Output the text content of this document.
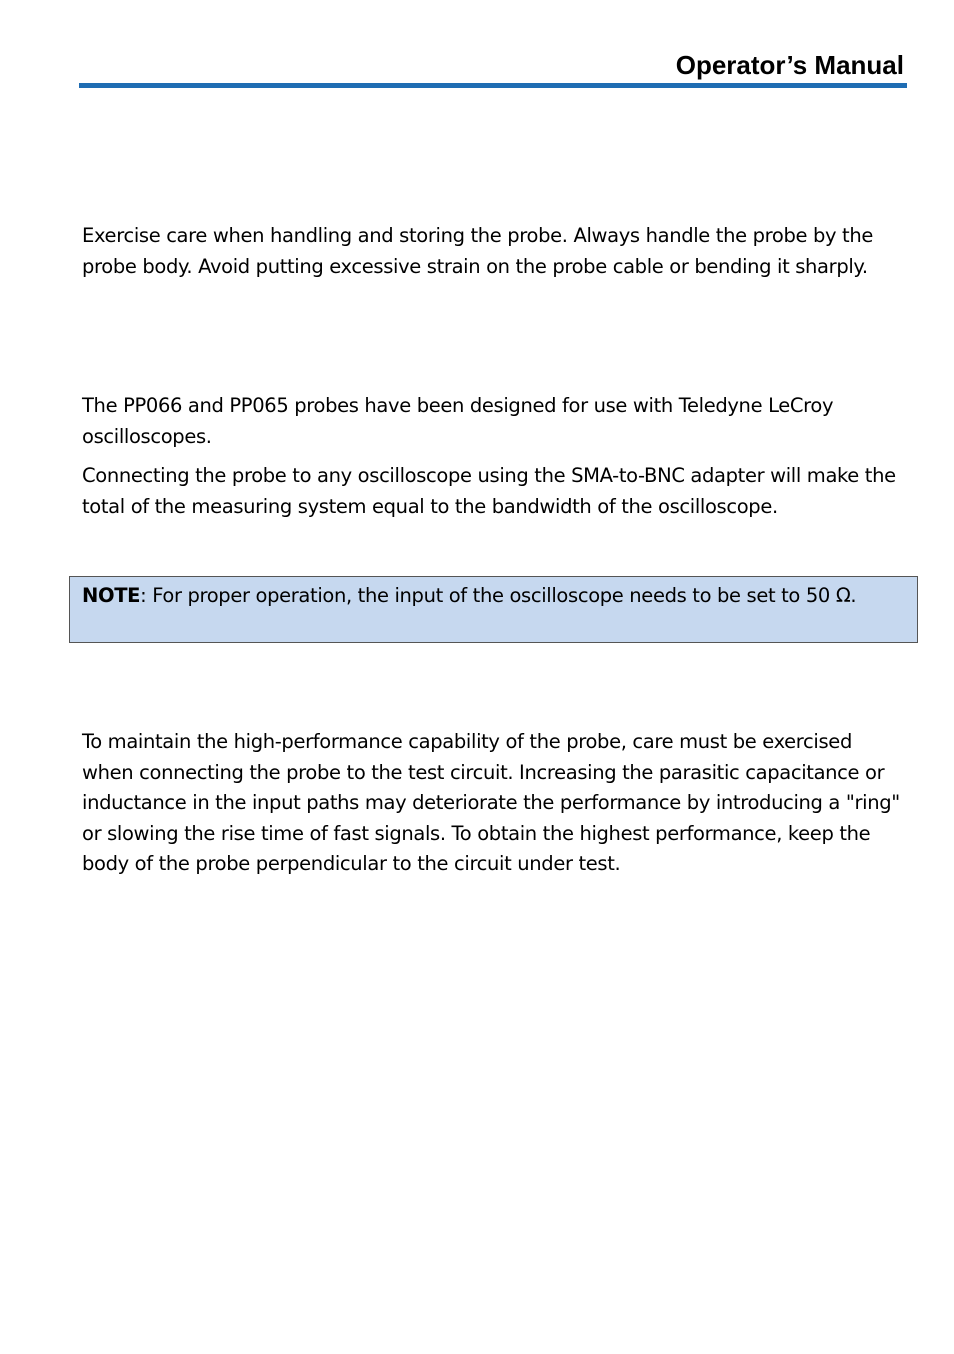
Operator’s Manual

Exercise care when handling and storing the probe. Always handle the probe by the probe body. Avoid putting excessive strain on the probe cable or bending it sharply.

The PP066 and PP065 probes have been designed for use with Teledyne LeCroy oscilloscopes.

Connecting the probe to any oscilloscope using the SMA-to-BNC adapter will make the total of the measuring system equal to the bandwidth of the oscilloscope.

NOTE: For proper operation, the input of the oscilloscope needs to be set to 50 Ω.

To maintain the high-performance capability of the probe, care must be exercised when connecting the probe to the test circuit. Increasing the parasitic capacitance or inductance in the input paths may deteriorate the performance by introducing a "ring" or slowing the rise time of fast signals. To obtain the highest performance, keep the body of the probe perpendicular to the circuit under test.
